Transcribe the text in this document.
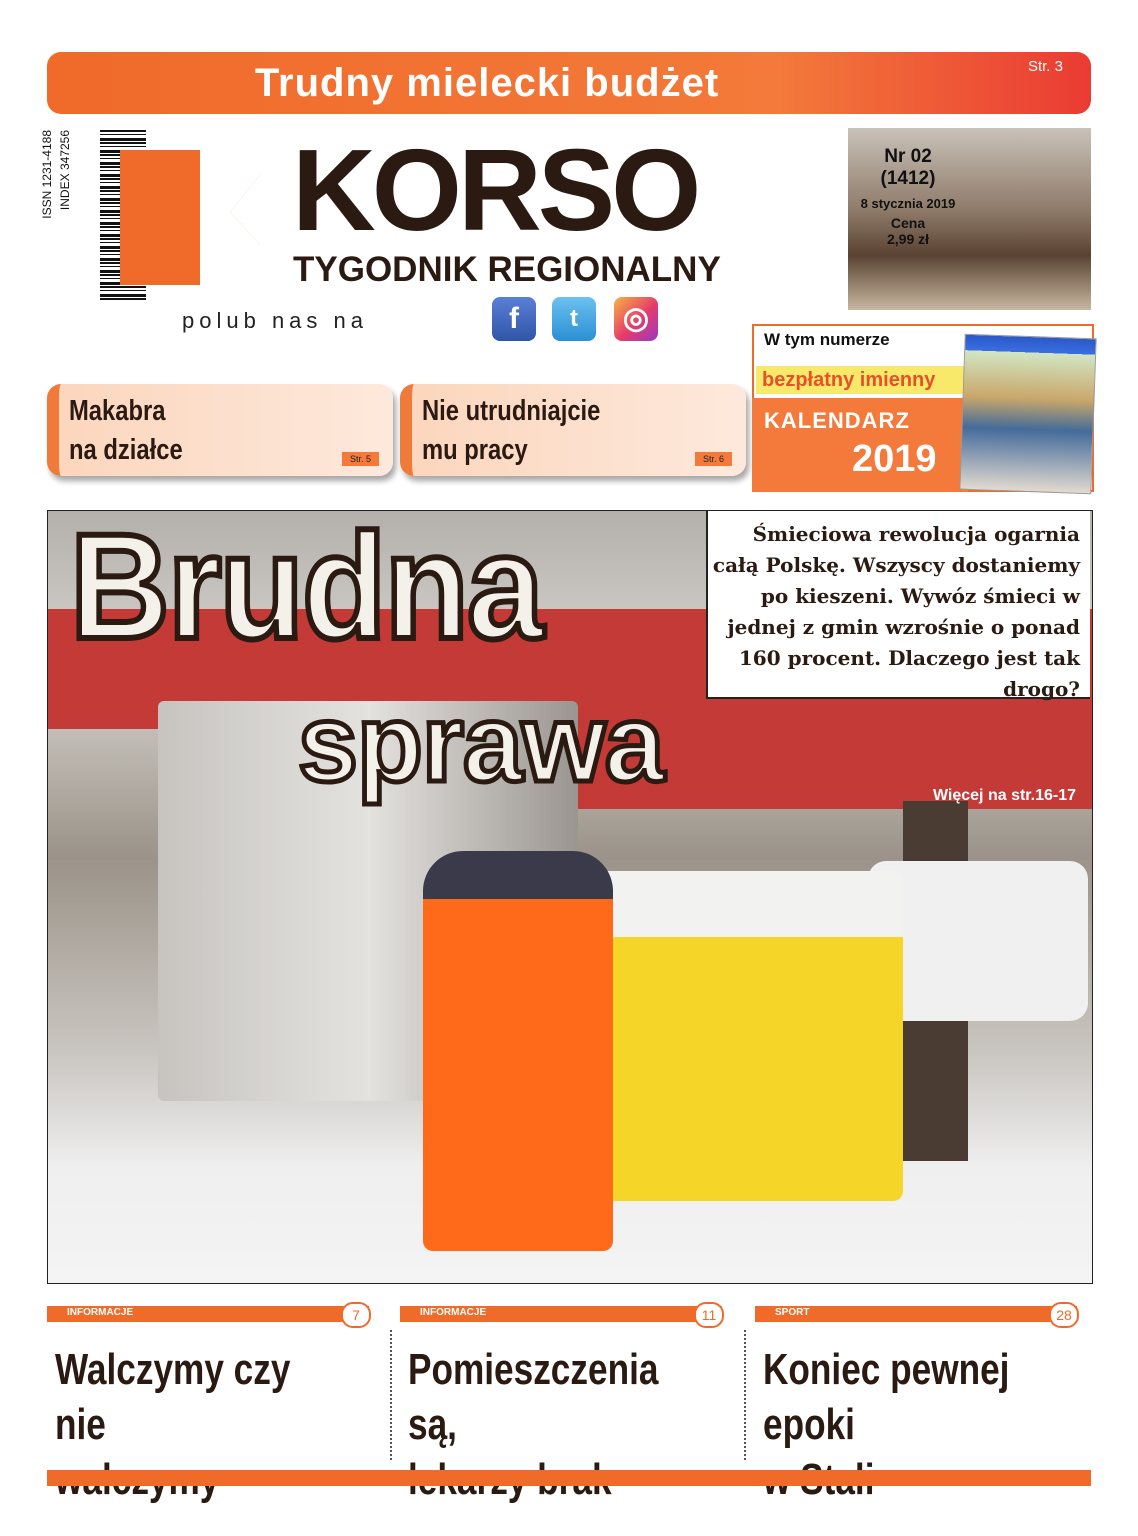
Trudny mielecki budżet	Str. 3
ISSN 1231-4188 INDEX 347256 KORSO
TYGODNIK REGIONALNY
Nr 02
(1412)
8 stycznia 2019
Cena
2,99 zł
polub nas na	f	t	◎
Makabra
na działce	Str. 5
Nie utrudniajcie
mu pracy	Str. 6
W tym numerze
bezpłatny imienny
KALENDARZ
2019
Brudna
sprawa
Śmieciowa rewolucja ogarnia całą Polskę. Wszyscy dostaniemy po kieszeni. Wywóz śmieci w jednej z gmin wzrośnie o ponad 160 procent. Dlaczego jest tak drogo?
Więcej na str.16-17
INFORMACJE	7
Walczymy czy nie
INFORMACJE	11
Pomieszczenia są,
SPORT	28
Koniec pewnej epoki
